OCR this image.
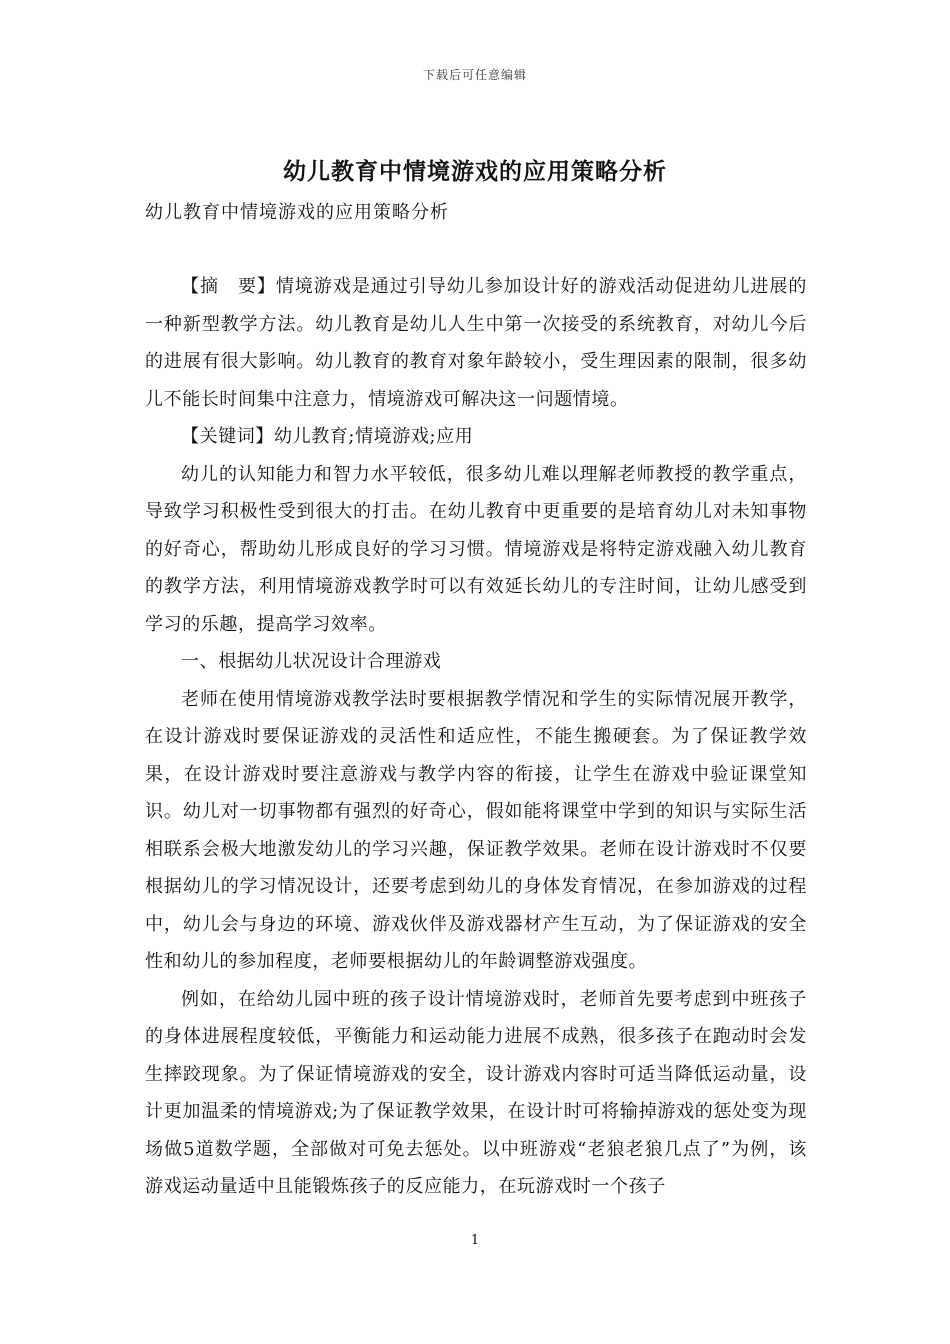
下载后可任意编辑
幼儿教育中情境游戏的应用策略分析
幼儿教育中情境游戏的应用策略分析

【摘　要】情境游戏是通过引导幼儿参加设计好的游戏活动促进幼儿进展的一种新型教学方法。幼儿教育是幼儿人生中第一次接受的系统教育，对幼儿今后的进展有很大影响。幼儿教育的教育对象年龄较小，受生理因素的限制，很多幼儿不能长时间集中注意力，情境游戏可解决这一问题情境。

【关键词】幼儿教育;情境游戏;应用

幼儿的认知能力和智力水平较低，很多幼儿难以理解老师教授的教学重点，导致学习积极性受到很大的打击。在幼儿教育中更重要的是培育幼儿对未知事物的好奇心，帮助幼儿形成良好的学习习惯。情境游戏是将特定游戏融入幼儿教育的教学方法，利用情境游戏教学时可以有效延长幼儿的专注时间，让幼儿感受到学习的乐趣，提高学习效率。

一、根据幼儿状况设计合理游戏

老师在使用情境游戏教学法时要根据教学情况和学生的实际情况展开教学，在设计游戏时要保证游戏的灵活性和适应性，不能生搬硬套。为了保证教学效果，在设计游戏时要注意游戏与教学内容的衔接，让学生在游戏中验证课堂知识。幼儿对一切事物都有强烈的好奇心，假如能将课堂中学到的知识与实际生活相联系会极大地激发幼儿的学习兴趣，保证教学效果。老师在设计游戏时不仅要根据幼儿的学习情况设计，还要考虑到幼儿的身体发育情况，在参加游戏的过程中，幼儿会与身边的环境、游戏伙伴及游戏器材产生互动，为了保证游戏的安全性和幼儿的参加程度，老师要根据幼儿的年龄调整游戏强度。

例如，在给幼儿园中班的孩子设计情境游戏时，老师首先要考虑到中班孩子的身体进展程度较低，平衡能力和运动能力进展不成熟，很多孩子在跑动时会发生摔跤现象。为了保证情境游戏的安全，设计游戏内容时可适当降低运动量，设计更加温柔的情境游戏;为了保证教学效果，在设计时可将输掉游戏的惩处变为现场做5道数学题，全部做对可免去惩处。以中班游戏“老狼老狼几点了”为例，该游戏运动量适中且能锻炼孩子的反应能力，在玩游戏时一个孩子

1
